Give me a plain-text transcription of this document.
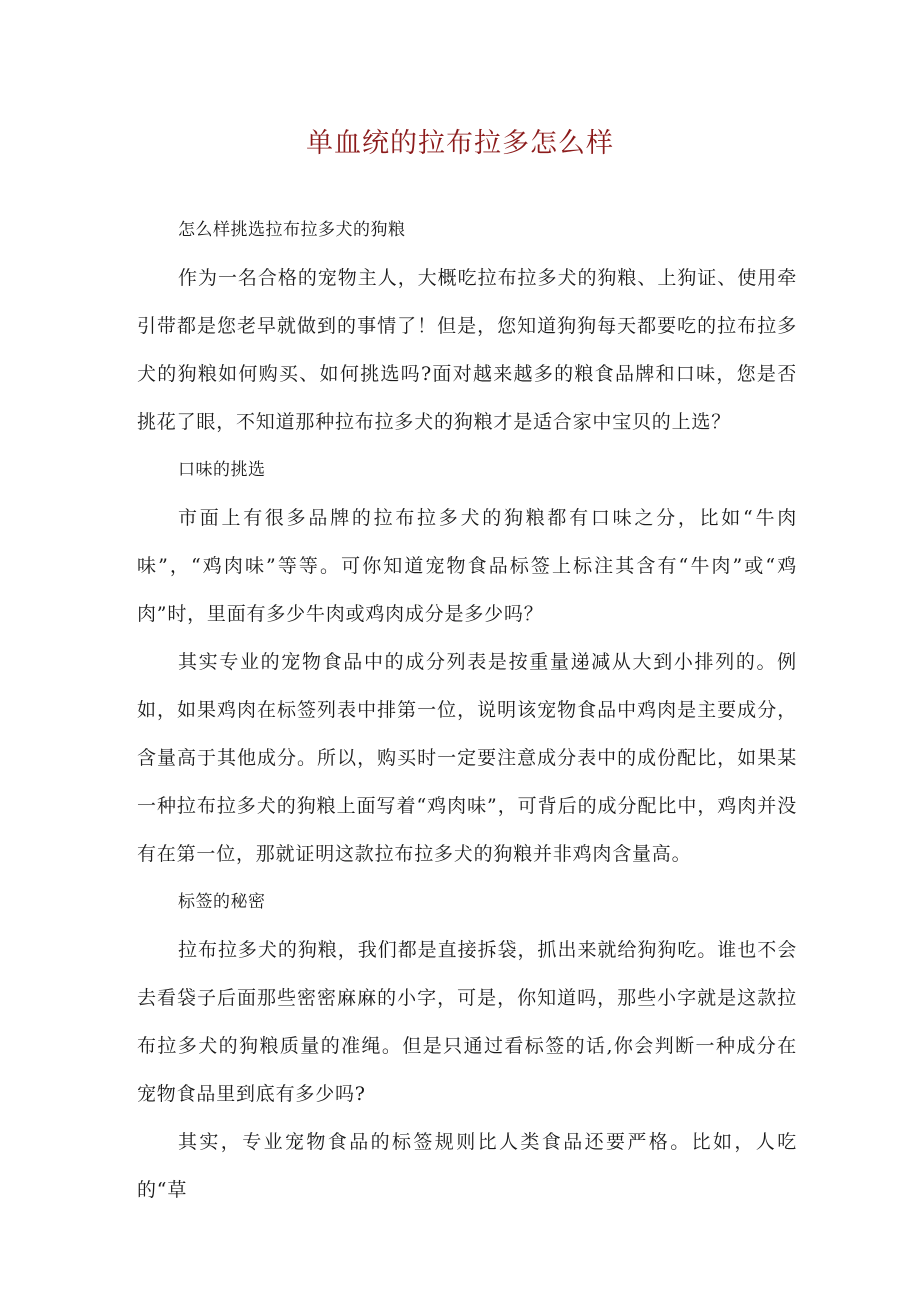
单血统的拉布拉多怎么样

怎么样挑选拉布拉多犬的狗粮

作为一名合格的宠物主人，大概吃拉布拉多犬的狗粮、上狗证、使用牵引带都是您老早就做到的事情了！但是，您知道狗狗每天都要吃的拉布拉多犬的狗粮如何购买、如何挑选吗?面对越来越多的粮食品牌和口味，您是否挑花了眼，不知道那种拉布拉多犬的狗粮才是适合家中宝贝的上选？

口味的挑选

市面上有很多品牌的拉布拉多犬的狗粮都有口味之分，比如“牛肉味”，“鸡肉味”等等。可你知道宠物食品标签上标注其含有“牛肉”或“鸡肉”时，里面有多少牛肉或鸡肉成分是多少吗？

其实专业的宠物食品中的成分列表是按重量递减从大到小排列的。例如，如果鸡肉在标签列表中排第一位，说明该宠物食品中鸡肉是主要成分，含量高于其他成分。所以，购买时一定要注意成分表中的成份配比，如果某一种拉布拉多犬的狗粮上面写着“鸡肉味”，可背后的成分配比中，鸡肉并没有在第一位，那就证明这款拉布拉多犬的狗粮并非鸡肉含量高。

标签的秘密

拉布拉多犬的狗粮，我们都是直接拆袋，抓出来就给狗狗吃。谁也不会去看袋子后面那些密密麻麻的小字，可是，你知道吗，那些小字就是这款拉布拉多犬的狗粮质量的准绳。但是只通过看标签的话,你会判断一种成分在宠物食品里到底有多少吗?

其实，专业宠物食品的标签规则比人类食品还要严格。比如，人吃的“草
